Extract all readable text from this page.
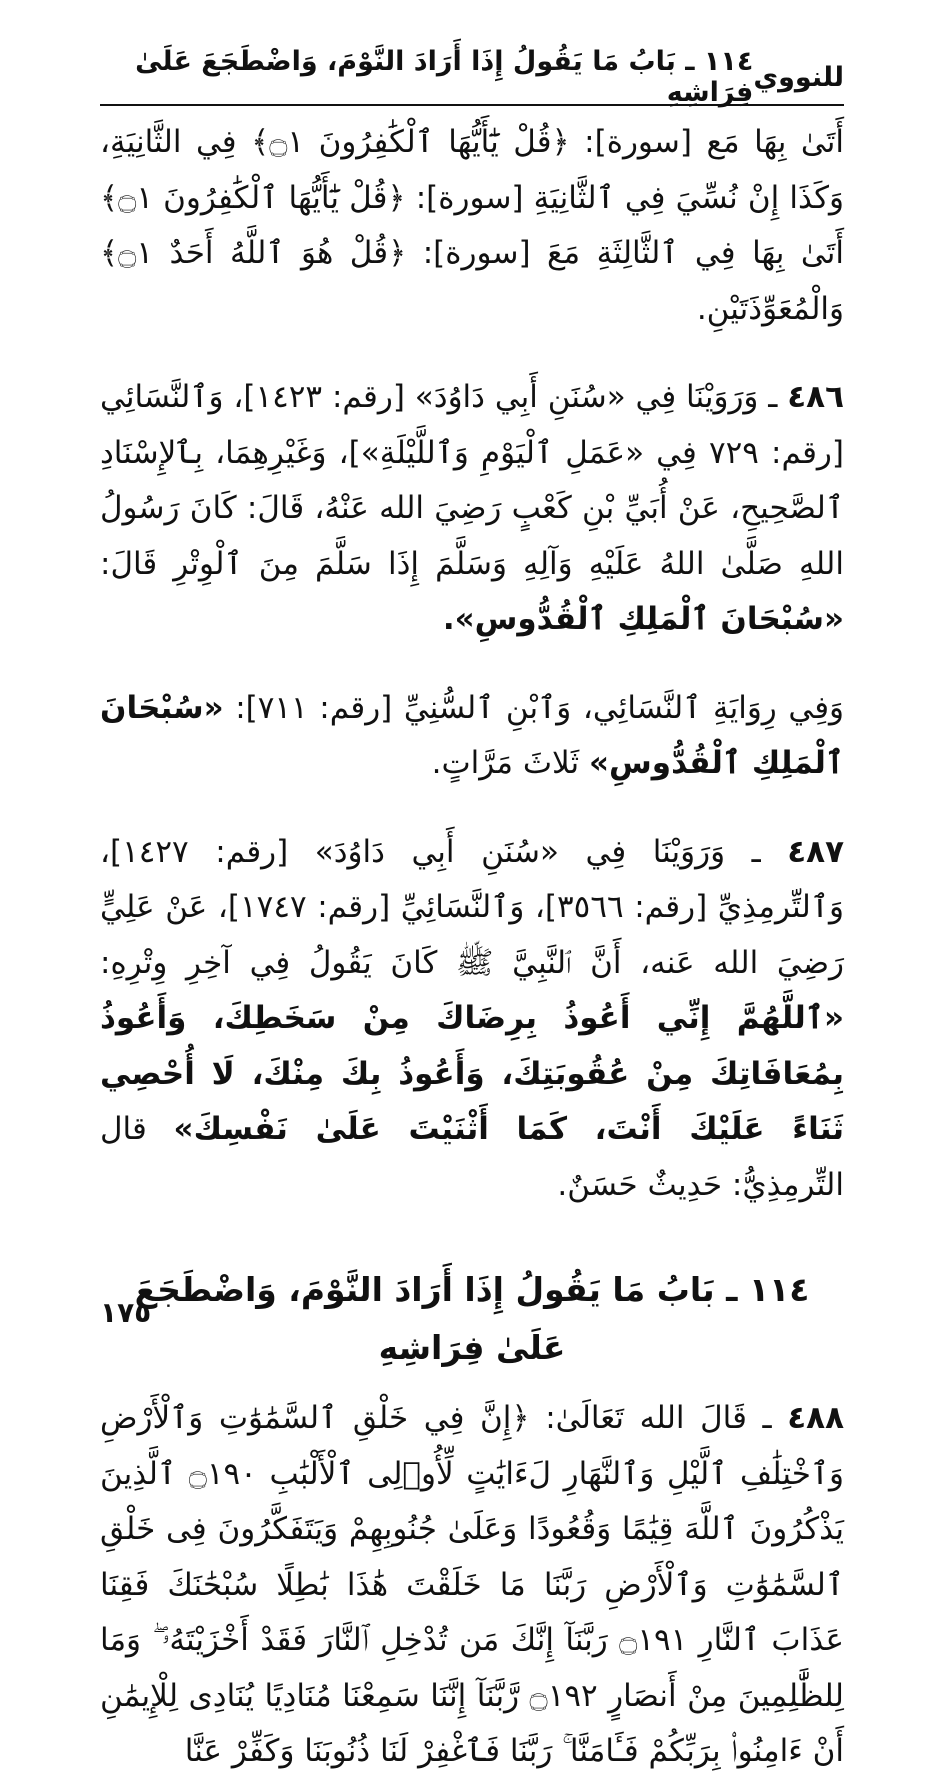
للنووي
١١٤ ـ بَابُ مَا يَقُولُ إِذَا أَرَادَ النَّوْمَ، وَاضْطَجَعَ عَلَىٰ فِرَاشِهِ

أَتَىٰ بِهَا مَع [سورة]: ﴿قُلْ يَٰٓأَيُّهَا ٱلْكَٰفِرُونَ ۝١﴾ فِي الثَّانِيَةِ، وَكَذَا إِنْ نُسِّيَ فِي ٱلثَّانِيَةِ [سورة]: ﴿قُلْ يَٰٓأَيُّهَا ٱلْكَٰفِرُونَ ۝١﴾ أَتَىٰ بِهَا فِي ٱلثَّالِثَةِ مَعَ [سورة]: ﴿قُلْ هُوَ ٱللَّهُ أَحَدٌ ۝١﴾ وَالْمُعَوِّذَتَيْنِ.

٤٨٦ ـ وَرَوَيْنَا فِي «سُنَنِ أَبِي دَاوُدَ» [رقم: ١٤٢٣]، وَٱلنَّسَائِي [رقم: ٧٢٩ فِي «عَمَلِ ٱلْيَوْمِ وَٱللَّيْلَةِ»]، وَغَيْرِهِمَا، بِٱلإِسْنَادِ ٱلصَّحِيحِ، عَنْ أُبَيِّ بْنِ كَعْبٍ رَضِيَ الله عَنْهُ، قَالَ: كَانَ رَسُولُ اللهِ صَلَّىٰ اللهُ عَلَيْهِ وَآلِهِ وَسَلَّمَ إِذَا سَلَّمَ مِنَ ٱلْوِتْرِ قَالَ: «سُبْحَانَ ٱلْمَلِكِ ٱلْقُدُّوسِ».

وَفِي رِوَايَةِ ٱلنَّسَائِي، وَٱبْنِ ٱلسُّنِيِّ [رقم: ٧١١]: «سُبْحَانَ ٱلْمَلِكِ ٱلْقُدُّوسِ» ثَلاثَ مَرَّاتٍ.

٤٨٧ ـ وَرَوَيْنَا فِي «سُنَنِ أَبِي دَاوُدَ» [رقم: ١٤٢٧]، وَٱلتِّرمِذِيِّ [رقم: ٣٥٦٦]، وَٱلنَّسَائِيِّ [رقم: ١٧٤٧]، عَنْ عَلِيٍّ رَضِيَ الله عَنه، أَنَّ ٱلنَّبِيَّ ﷺ كَانَ يَقُولُ فِي آخِرِ وِتْرِهِ: «ٱللَّهُمَّ إِنِّي أَعُوذُ بِرِضَاكَ مِنْ سَخَطِكَ، وَأَعُوذُ بِمُعَافَاتِكَ مِنْ عُقُوبَتِكَ، وَأَعُوذُ بِكَ مِنْكَ، لَا أُحْصِي ثَنَاءً عَلَيْكَ أَنْتَ، كَمَا أَثْنَيْتَ عَلَىٰ نَفْسِكَ» قال التِّرمِذِيُّ: حَدِيثٌ حَسَنٌ.

١١٤ ـ بَابُ مَا يَقُولُ إِذَا أَرَادَ النَّوْمَ، وَاضْطَجَعَ عَلَىٰ فِرَاشِهِ

٤٨٨ ـ قَالَ الله تَعَالَىٰ: ﴿إِنَّ فِي خَلْقِ ٱلسَّمَٰوَٰتِ وَٱلْأَرْضِ وَٱخْتِلَٰفِ ٱلَّيْلِ وَٱلنَّهَارِ لَءَايَٰتٍ لِّأُو۟لِى ٱلْأَلْبَٰبِ ۝١٩٠ ٱلَّذِينَ يَذْكُرُونَ ٱللَّهَ قِيَٰمًا وَقُعُودًا وَعَلَىٰ جُنُوبِهِمْ وَيَتَفَكَّرُونَ فِى خَلْقِ ٱلسَّمَٰوَٰتِ وَٱلْأَرْضِ رَبَّنَا مَا خَلَقْتَ هَٰذَا بَٰطِلًا سُبْحَٰنَكَ فَقِنَا عَذَابَ ٱلنَّارِ ۝١٩١ رَبَّنَآ إِنَّكَ مَن تُدْخِلِ ٱلنَّارَ فَقَدْ أَخْزَيْتَهُۥ ۖ وَمَا لِلظَّٰلِمِينَ مِنْ أَنصَارٍ ۝١٩٢ رَّبَّنَآ إِنَّنَا سَمِعْنَا مُنَادِيًا يُنَادِى لِلْإِيمَٰنِ أَنْ ءَامِنُوا۟ بِرَبِّكُمْ فَـَٔامَنَّا ۚ رَبَّنَا فَٱغْفِرْ لَنَا ذُنُوبَنَا وَكَفِّرْ عَنَّا

١٧٥
